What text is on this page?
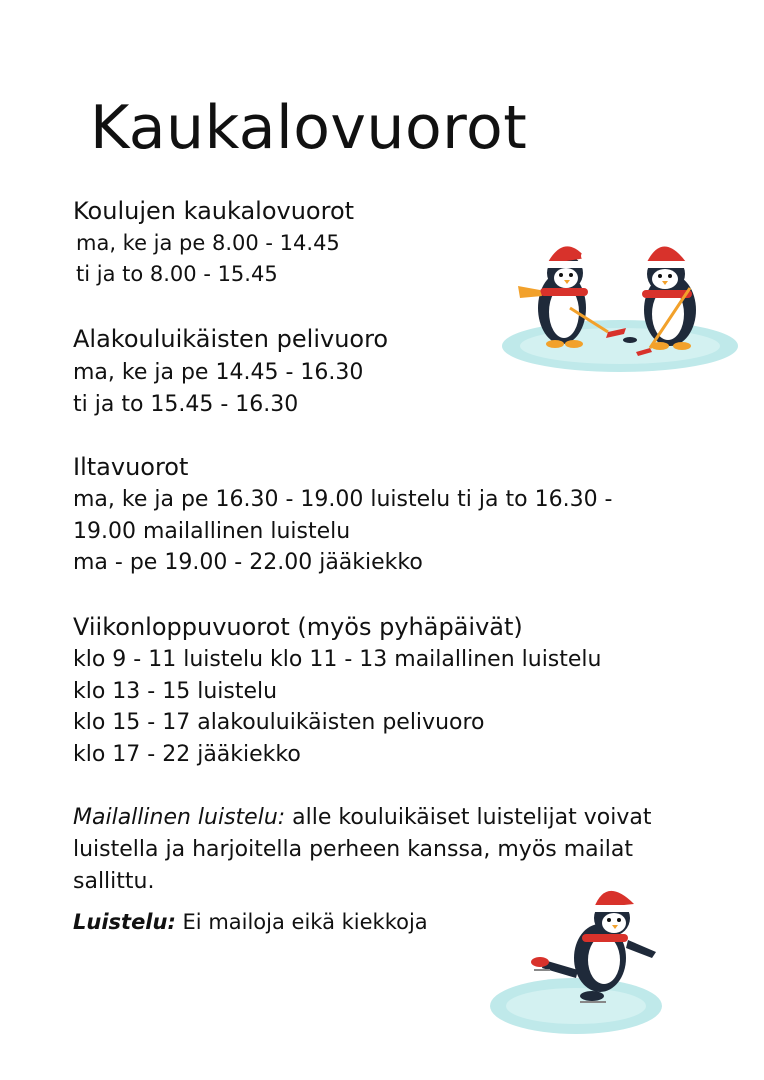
Kaukalovuorot
Koulujen kaukalovuorot
ma, ke ja pe 8.00 - 14.45
ti ja to 8.00 - 15.45
Alakouluikäisten pelivuoro
ma, ke ja pe 14.45 - 16.30
ti ja to 15.45 - 16.30
Iltavuorot
ma, ke ja pe 16.30 - 19.00 luistelu ti ja to 16.30 -
19.00 mailallinen luistelu
ma - pe 19.00 - 22.00 jääkiekko
Viikonloppuvuorot (myös pyhäpäivät)
klo 9 - 11 luistelu klo 11 - 13 mailallinen luistelu
klo 13 - 15 luistelu
klo 15 - 17 alakouluikäisten pelivuoro
klo 17 - 22 jääkiekko
Mailallinen luistelu: alle kouluikäiset luistelijat voivat luistella ja harjoitella perheen kanssa, myös mailat sallittu.
Luistelu: Ei mailoja eikä kiekkoja
